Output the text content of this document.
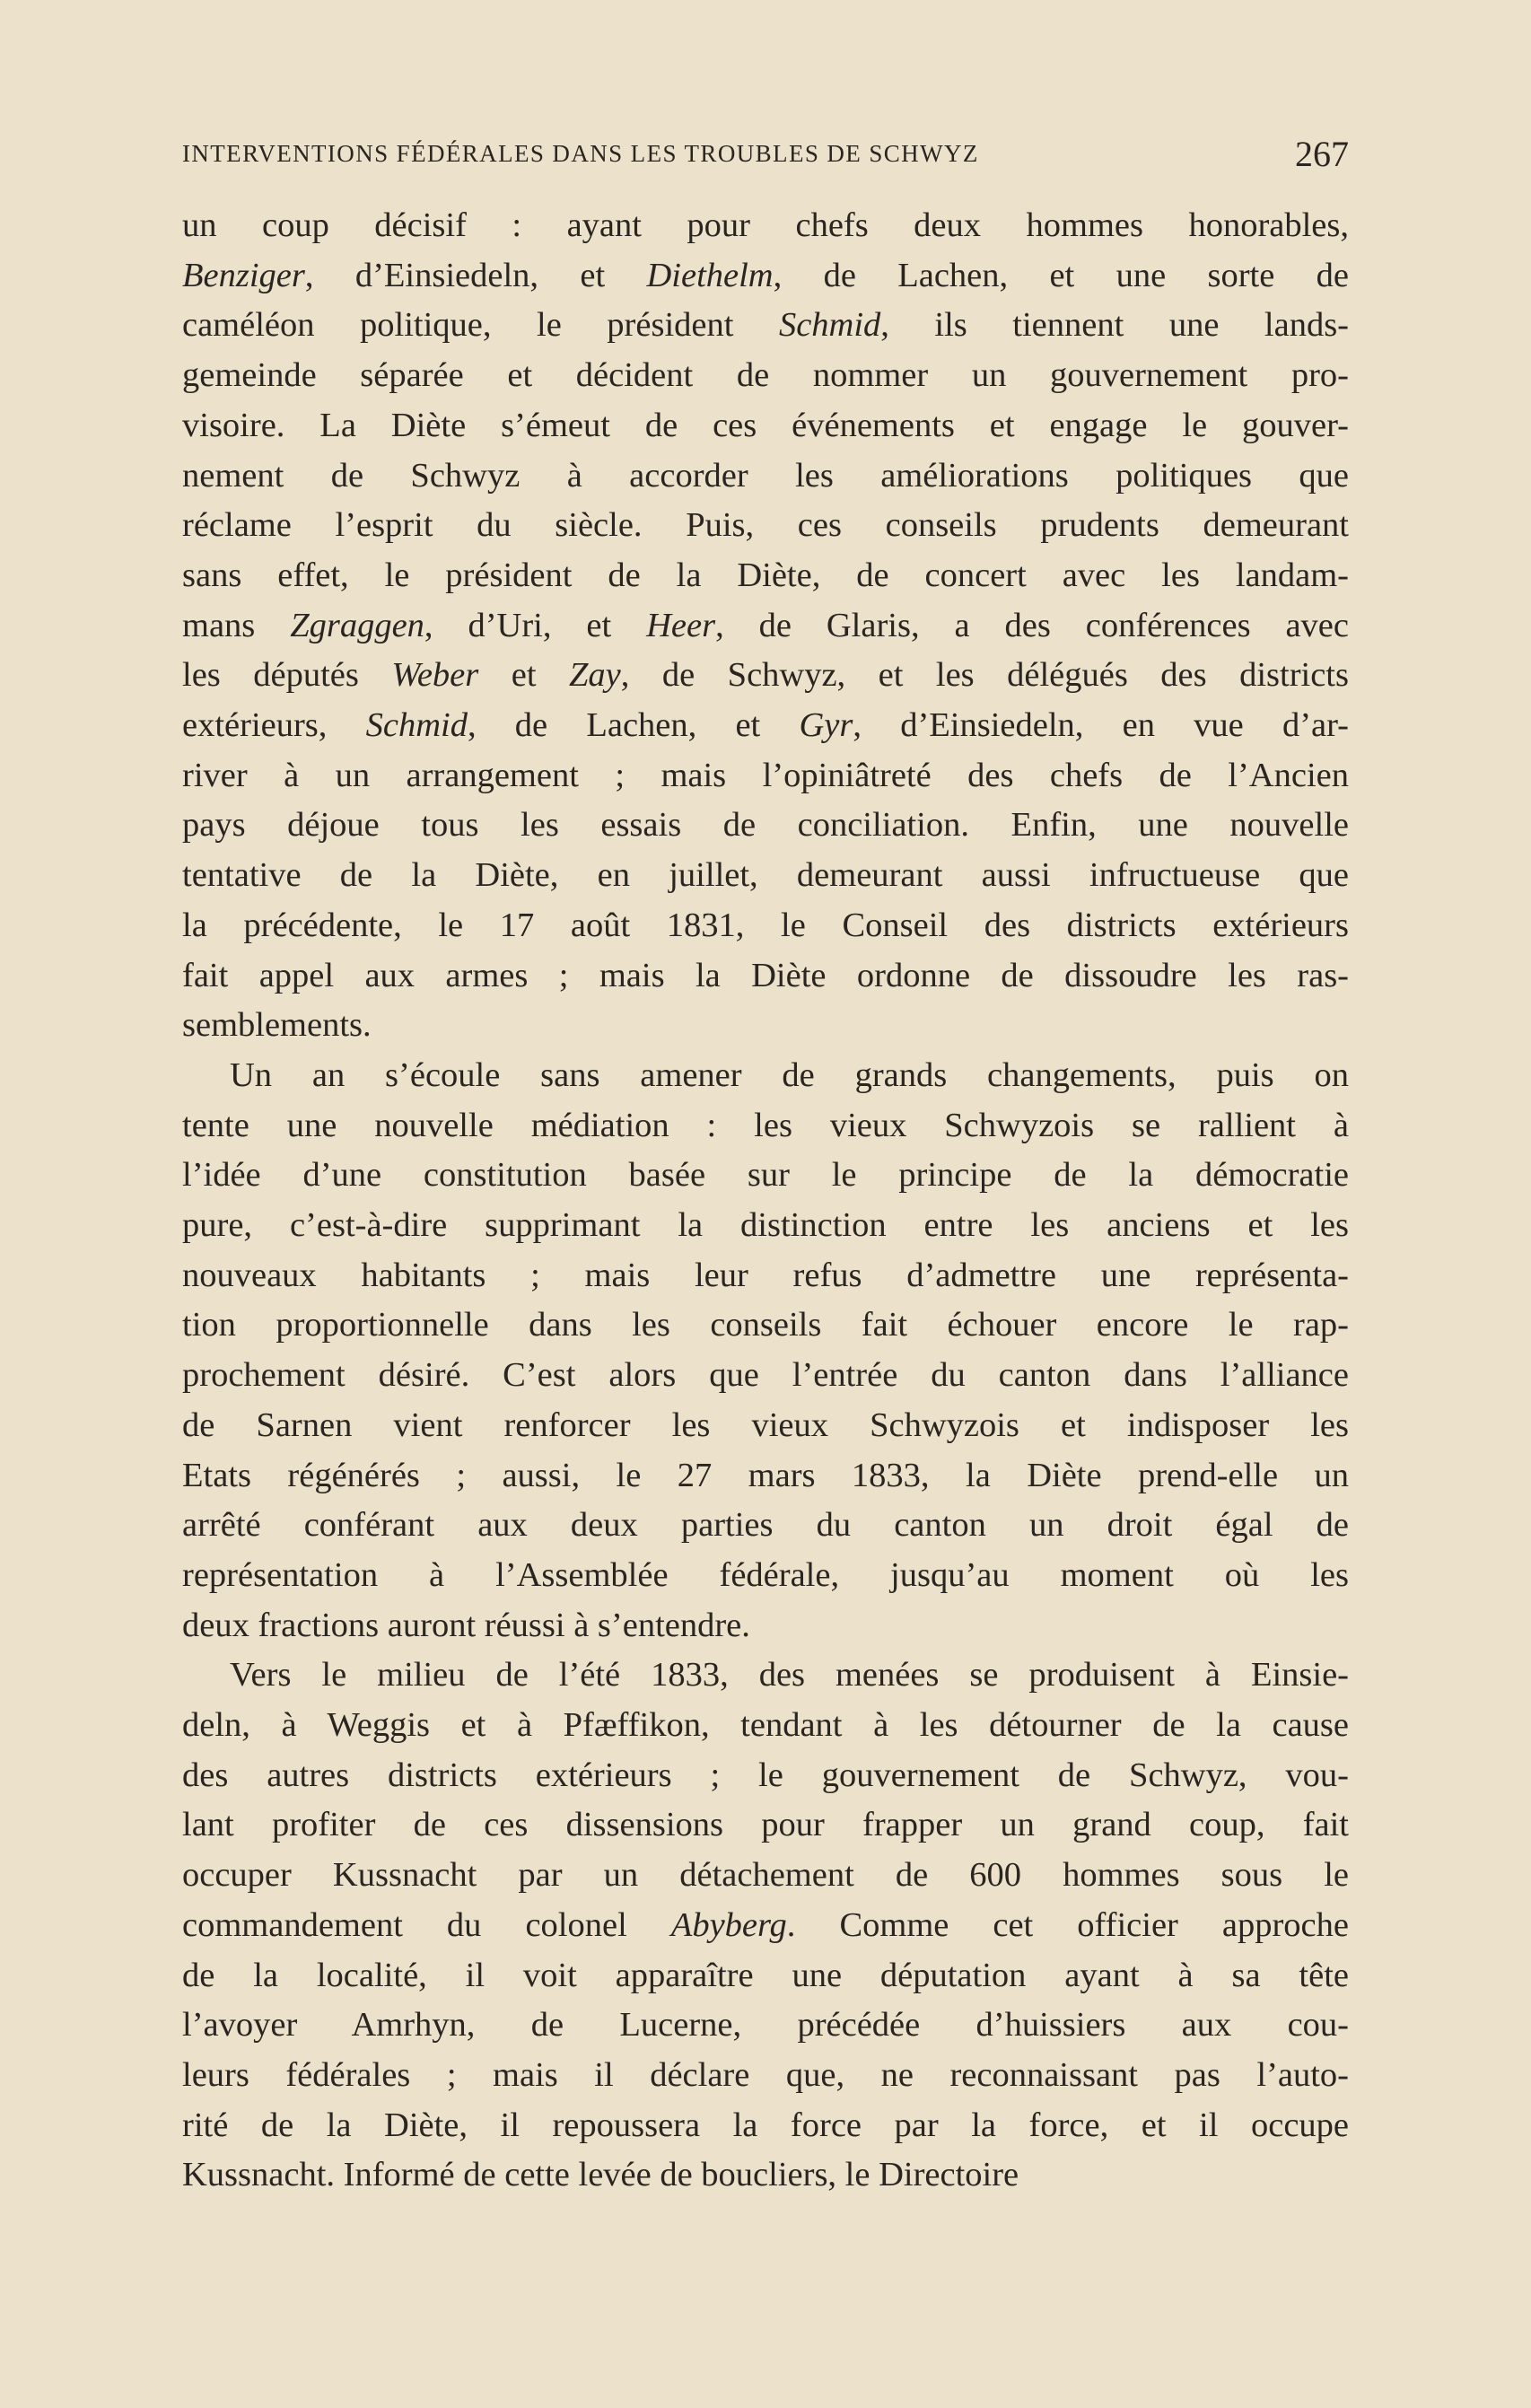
INTERVENTIONS FÉDÉRALES DANS LES TROUBLES DE SCHWYZ	267
un coup décisif : ayant pour chefs deux hommes honorables,
Benziger, d’Einsiedeln, et Diethelm, de Lachen, et une sorte de
caméléon politique, le président Schmid, ils tiennent une lands-
gemeinde séparée et décident de nommer un gouvernement pro-
visoire. La Diète s’émeut de ces événements et engage le gouver-
nement de Schwyz à accorder les améliorations politiques que
réclame l’esprit du siècle. Puis, ces conseils prudents demeurant
sans effet, le président de la Diète, de concert avec les landam-
mans Zgraggen, d’Uri, et Heer, de Glaris, a des conférences avec
les députés Weber et Zay, de Schwyz, et les délégués des districts
extérieurs, Schmid, de Lachen, et Gyr, d’Einsiedeln, en vue d’ar-
river à un arrangement ; mais l’opiniâtreté des chefs de l’Ancien
pays déjoue tous les essais de conciliation. Enfin, une nouvelle
tentative de la Diète, en juillet, demeurant aussi infructueuse que
la précédente, le 17 août 1831, le Conseil des districts extérieurs
fait appel aux armes ; mais la Diète ordonne de dissoudre les ras-
semblements.
Un an s’écoule sans amener de grands changements, puis on
tente une nouvelle médiation : les vieux Schwyzois se rallient à
l’idée d’une constitution basée sur le principe de la démocratie
pure, c’est-à-dire supprimant la distinction entre les anciens et les
nouveaux habitants ; mais leur refus d’admettre une représenta-
tion proportionnelle dans les conseils fait échouer encore le rap-
prochement désiré. C’est alors que l’entrée du canton dans l’alliance
de Sarnen vient renforcer les vieux Schwyzois et indisposer les
Etats régénérés ; aussi, le 27 mars 1833, la Diète prend-elle un
arrêté conférant aux deux parties du canton un droit égal de
représentation à l’Assemblée fédérale, jusqu’au moment où les
deux fractions auront réussi à s’entendre.
Vers le milieu de l’été 1833, des menées se produisent à Einsie-
deln, à Weggis et à Pfæffikon, tendant à les détourner de la cause
des autres districts extérieurs ; le gouvernement de Schwyz, vou-
lant profiter de ces dissensions pour frapper un grand coup, fait
occuper Kussnacht par un détachement de 600 hommes sous le
commandement du colonel Abyberg. Comme cet officier approche
de la localité, il voit apparaître une députation ayant à sa tête
l’avoyer Amrhyn, de Lucerne, précédée d’huissiers aux cou-
leurs fédérales ; mais il déclare que, ne reconnaissant pas l’auto-
rité de la Diète, il repoussera la force par la force, et il occupe
Kussnacht. Informé de cette levée de boucliers, le Directoire
